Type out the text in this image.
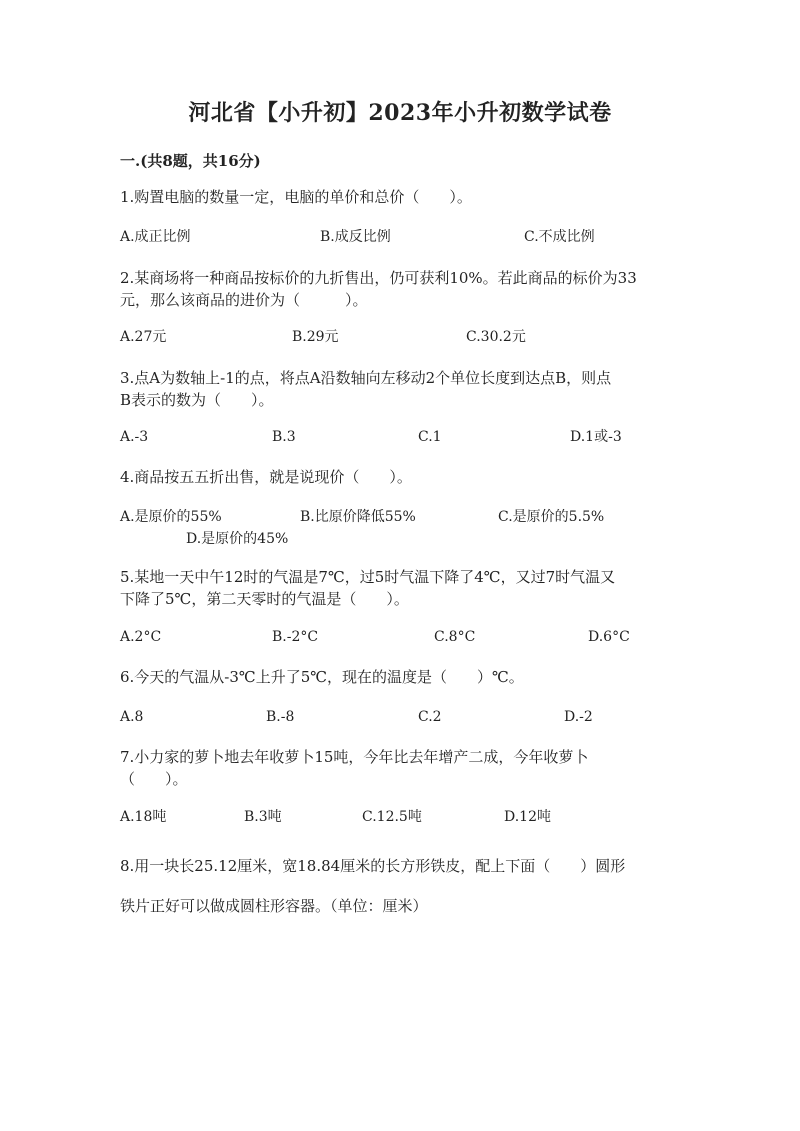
河北省【小升初】2023年小升初数学试卷
一.(共8题，共16分)
1.购置电脑的数量一定，电脑的单价和总价（　　）。
A.成正比例	B.成反比例	C.不成比例
2.某商场将一种商品按标价的九折售出，仍可获利10%。若此商品的标价为33
元，那么该商品的进价为（　　　）。
A.27元	B.29元	C.30.2元
3.点A为数轴上-1的点，将点A沿数轴向左移动2个单位长度到达点B，则点
B表示的数为（　　）。
A.-3	B.3	C.1	D.1或-3
4.商品按五五折出售，就是说现价（　　）。
A.是原价的55%	B.比原价降低55%	C.是原价的5.5%
D.是原价的45%
5.某地一天中午12时的气温是7℃，过5时气温下降了4℃，又过7时气温又
下降了5℃，第二天零时的气温是（　　）。
A.2°C	B.-2°C	C.8°C	D.6°C
6.今天的气温从-3℃上升了5℃，现在的温度是（　　）℃。
A.8	B.-8	C.2	D.-2
7.小力家的萝卜地去年收萝卜15吨，今年比去年增产二成，今年收萝卜
（　　）。
A.18吨	B.3吨	C.12.5吨	D.12吨
8.用一块长25.12厘米，宽18.84厘米的长方形铁皮，配上下面（　　）圆形
铁片正好可以做成圆柱形容器。（单位：厘米）
